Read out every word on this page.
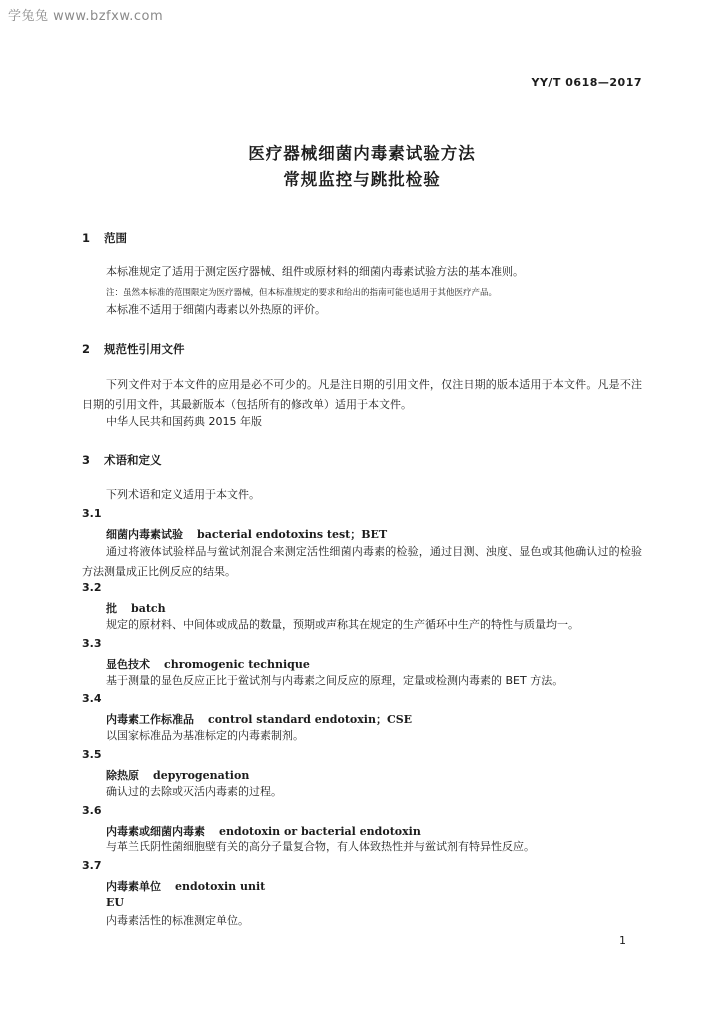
学兔兔 www.bzfxw.com
YY/T 0618—2017
医疗器械细菌内毒素试验方法
常规监控与跳批检验
1 范围
本标准规定了适用于测定医疗器械、组件或原材料的细菌内毒素试验方法的基本准则。
注：虽然本标准的范围限定为医疗器械，但本标准规定的要求和给出的指南可能也适用于其他医疗产品。
本标准不适用于细菌内毒素以外热原的评价。
2 规范性引用文件
下列文件对于本文件的应用是必不可少的。凡是注日期的引用文件，仅注日期的版本适用于本文件。凡是不注日期的引用文件，其最新版本（包括所有的修改单）适用于本文件。
中华人民共和国药典 2015 年版
3 术语和定义
下列术语和定义适用于本文件。
3.1
细菌内毒素试验 bacterial endotoxins test；BET
通过将液体试验样品与鲎试剂混合来测定活性细菌内毒素的检验，通过目测、浊度、显色或其他确认过的检验方法测量成正比例反应的结果。
3.2
批 batch
规定的原材料、中间体或成品的数量，预期或声称其在规定的生产循环中生产的特性与质量均一。
3.3
显色技术 chromogenic technique
基于测量的显色反应正比于鲎试剂与内毒素之间反应的原理，定量或检测内毒素的 BET 方法。
3.4
内毒素工作标准品 control standard endotoxin；CSE
以国家标准品为基准标定的内毒素制剂。
3.5
除热原 depyrogenation
确认过的去除或灭活内毒素的过程。
3.6
内毒素或细菌内毒素 endotoxin or bacterial endotoxin
与革兰氏阴性菌细胞壁有关的高分子量复合物，有人体致热性并与鲎试剂有特异性反应。
3.7
内毒素单位 endotoxin unit
EU
内毒素活性的标准测定单位。
1
